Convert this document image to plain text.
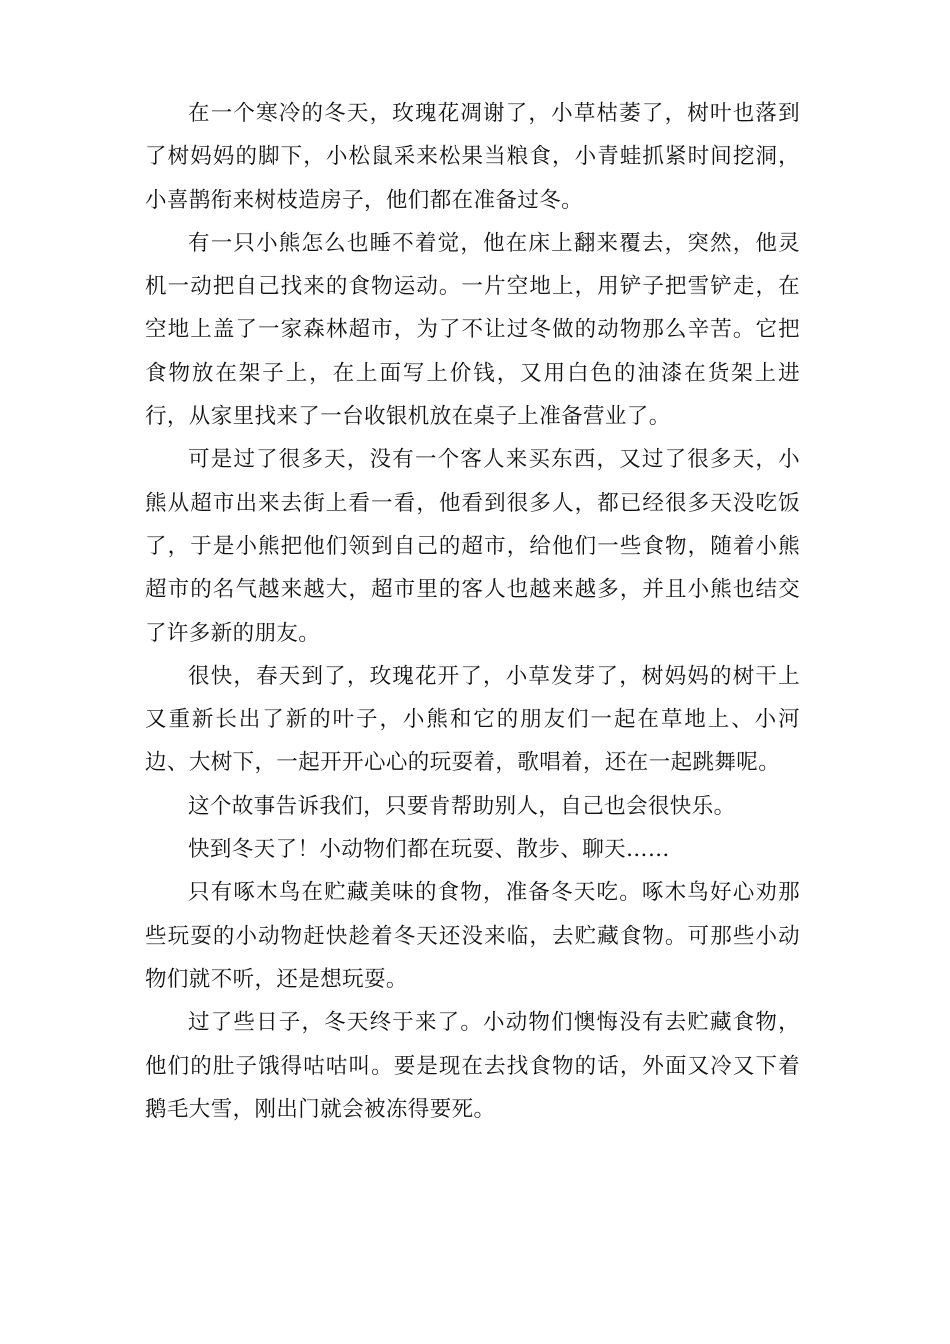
在一个寒冷的冬天，玫瑰花凋谢了，小草枯萎了，树叶也落到了树妈妈的脚下，小松鼠采来松果当粮食，小青蛙抓紧时间挖洞，小喜鹊衔来树枝造房子，他们都在准备过冬。

有一只小熊怎么也睡不着觉，他在床上翻来覆去，突然，他灵机一动把自己找来的食物运动。一片空地上，用铲子把雪铲走，在空地上盖了一家森林超市，为了不让过冬做的动物那么辛苦。它把食物放在架子上，在上面写上价钱，又用白色的油漆在货架上进行，从家里找来了一台收银机放在桌子上准备营业了。

可是过了很多天，没有一个客人来买东西，又过了很多天，小熊从超市出来去街上看一看，他看到很多人，都已经很多天没吃饭了，于是小熊把他们领到自己的超市，给他们一些食物，随着小熊超市的名气越来越大，超市里的客人也越来越多，并且小熊也结交了许多新的朋友。

很快，春天到了，玫瑰花开了，小草发芽了，树妈妈的树干上又重新长出了新的叶子，小熊和它的朋友们一起在草地上、小河边、大树下，一起开开心心的玩耍着，歌唱着，还在一起跳舞呢。

这个故事告诉我们，只要肯帮助别人，自己也会很快乐。

快到冬天了！小动物们都在玩耍、散步、聊天……

只有啄木鸟在贮藏美味的食物，准备冬天吃。啄木鸟好心劝那些玩耍的小动物赶快趁着冬天还没来临，去贮藏食物。可那些小动物们就不听，还是想玩耍。

过了些日子，冬天终于来了。小动物们懊悔没有去贮藏食物，他们的肚子饿得咕咕叫。要是现在去找食物的话，外面又冷又下着鹅毛大雪，刚出门就会被冻得要死。
